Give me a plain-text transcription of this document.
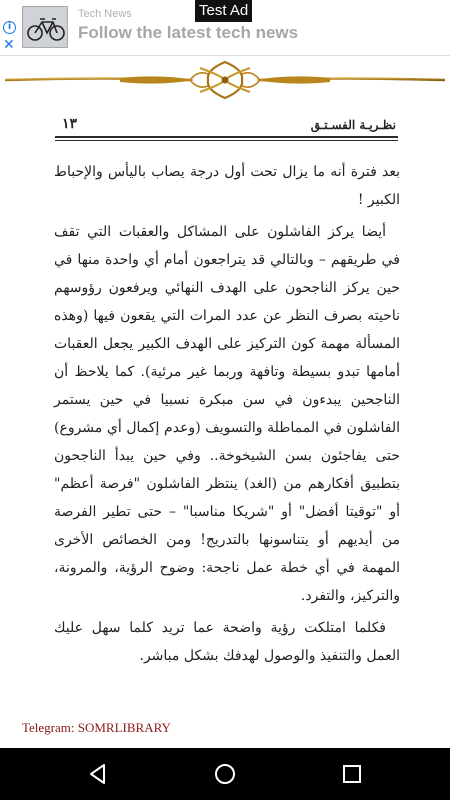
i
✕
Tech News
Follow the latest tech news
Test Ad
نظـريـة الفسـتـق
١٣

بعد فترة أنه ما يزال تحت أول درجة يصاب باليأس والإحباط الكبير !

أيضا يركز الفاشلون على المشاكل والعقبات التي تقف في طريقهم – وبالتالي قد يتراجعون أمام أي واحدة منها في حين يركز الناجحون على الهدف النهائي ويرفعون رؤوسهم ناحيته بصرف النظر عن عدد المرات التي يقعون فيها (وهذه المسألة مهمة كون التركيز على الهدف الكبير يجعل العقبات أمامها تبدو بسيطة وتافهة وربما غير مرئية). كما يلاحظ أن الناجحين يبدءون في سن مبكرة نسبيا في حين يستمر الفاشلون في المماطلة والتسويف (وعدم إكمال أي مشروع) حتى يفاجئون بسن الشيخوخة.. وفي حين يبدأ الناجحون بتطبيق أفكارهم من (الغد) ينتظر الفاشلون "فرصة أعظم" أو "توقيتا أفضل" أو "شريكا مناسبا" – حتى تطير الفرصة من أيديهم أو يتناسونها بالتدريج! ومن الخصائص الأخرى المهمة في أي خطة عمل ناجحة: وضوح الرؤية، والمرونة، والتركيز، والتفرد.

فكلما امتلكت رؤية واضحة عما تريد كلما سهل عليك العمل والتنفيذ والوصول لهدفك بشكل مباشر.

Telegram: SOMRLIBRARY
